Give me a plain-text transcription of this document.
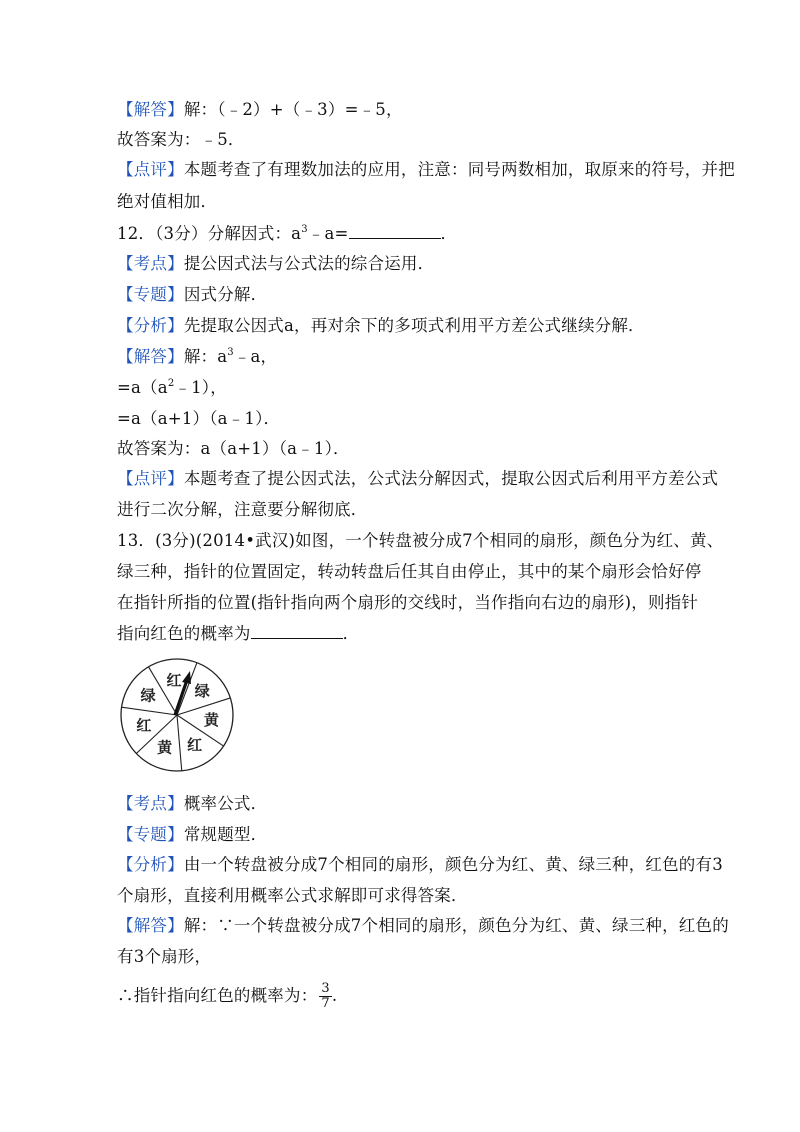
【解答】解：（﹣2）+（﹣3）=﹣5，
故答案为：﹣5．
【点评】本题考查了有理数加法的应用，注意：同号两数相加，取原来的符号，并把
绝对值相加．
12．（3分）分解因式：$a^3﹣a=$	．
【考点】提公因式法与公式法的综合运用．
【专题】因式分解．
【分析】先提取公因式a，再对余下的多项式利用平方差公式继续分解．
【解答】解：$a^3﹣a$，
$=a(a^2﹣1)$，
=a（a+1）（a﹣1）．
故答案为：a（a+1）（a﹣1）．
【点评】本题考查了提公因式法，公式法分解因式，提取公因式后利用平方差公式
进行二次分解，注意要分解彻底．
13．(3分)(2014•武汉)如图，一个转盘被分成7个相同的扇形，颜色分为红、黄、
绿三种，指针的位置固定，转动转盘后任其自由停止，其中的某个扇形会恰好停
在指针所指的位置(指针指向两个扇形的交线时，当作指向右边的扇形)，则指针
指向红色的概率为	．
红
绿
黄
红
黄
红
绿
【考点】概率公式．
【专题】常规题型．
【分析】由一个转盘被分成7个相同的扇形，颜色分为红、黄、绿三种，红色的有3
个扇形，直接利用概率公式求解即可求得答案．
【解答】解：∵一个转盘被分成7个相同的扇形，颜色分为红、黄、绿三种，红色的
有3个扇形，
∴指针指向红色的概率为： $\frac{3}{7}$ .
